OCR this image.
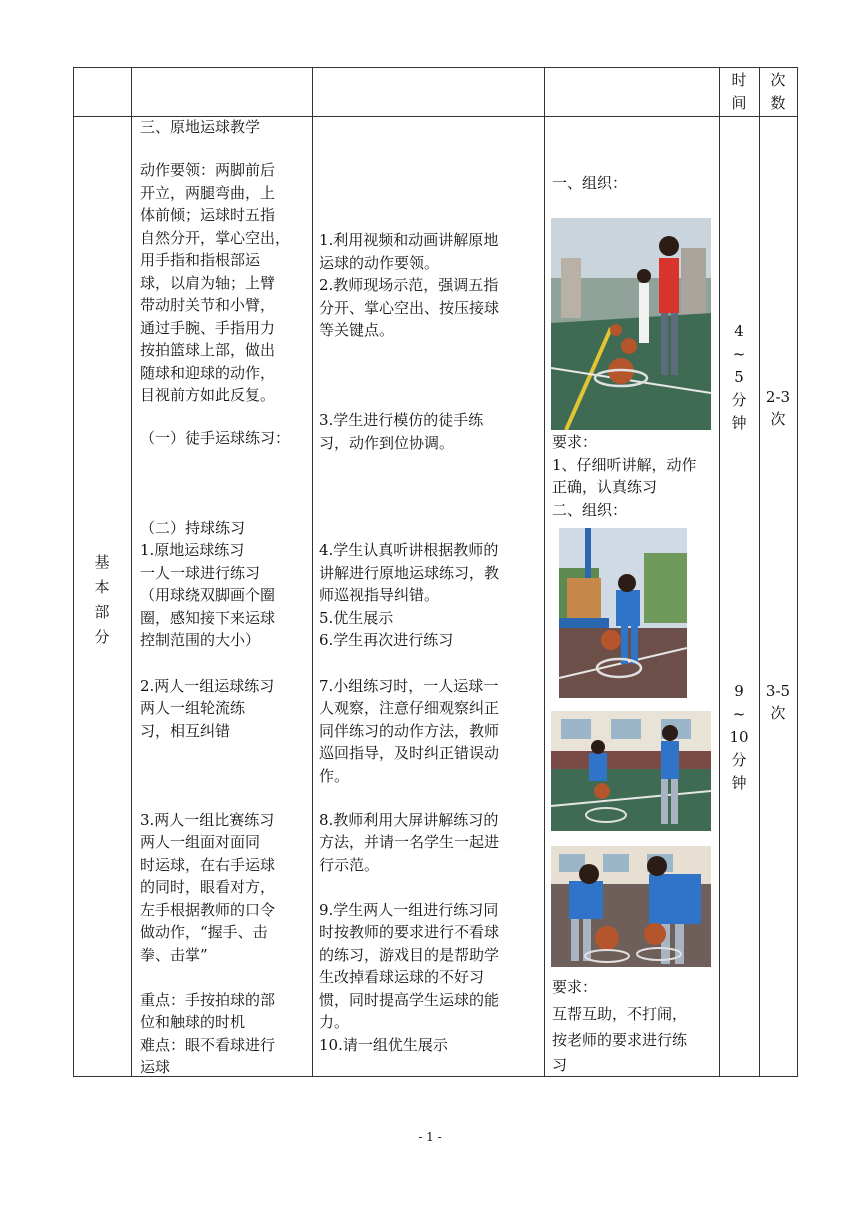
时
间
次
数
基
本
部
分
三、原地运球教学
动作要领：两脚前后
开立，两腿弯曲，上
体前倾；运球时五指
自然分开，掌心空出，
用手指和指根部运
球，以肩为轴；上臂
带动肘关节和小臂，
通过手腕、手指用力
按拍篮球上部，做出
随球和迎球的动作，
目视前方如此反复。
（一）徒手运球练习：
（二）持球练习
1.原地运球练习
一人一球进行练习
（用球绕双脚画个圈
圈，感知接下来运球
控制范围的大小）
2.两人一组运球练习
两人一组轮流练
习，相互纠错
3.两人一组比赛练习
两人一组面对面同
时运球，在右手运球
的同时，眼看对方，
左手根据教师的口令
做动作，“握手、击
拳、击掌”
重点：手按拍球的部
位和触球的时机
难点：眼不看球进行
运球
1.利用视频和动画讲解原地
运球的动作要领。
2.教师现场示范，强调五指
分开、掌心空出、按压接球
等关键点。
3.学生进行模仿的徒手练
习，动作到位协调。
4.学生认真听讲根据教师的
讲解进行原地运球练习，教
师巡视指导纠错。
5.优生展示
6.学生再次进行练习
7.小组练习时，一人运球一
人观察，注意仔细观察纠正
同伴练习的动作方法，教师
巡回指导，及时纠正错误动
作。
8.教师利用大屏讲解练习的
方法，并请一名学生一起进
行示范。
9.学生两人一组进行练习同
时按教师的要求进行不看球
的练习，游戏目的是帮助学
生改掉看球运球的不好习
惯，同时提高学生运球的能
力。
10.请一组优生展示
一、组织：
要求：
1、仔细听讲解，动作
正确，认真练习
二、组织：
要求：
互帮互助，不打闹，
按老师的要求进行练
习
4
~
5
分
钟
9
~
10
分
钟
2-3
次
3-5
次
- 1 -
